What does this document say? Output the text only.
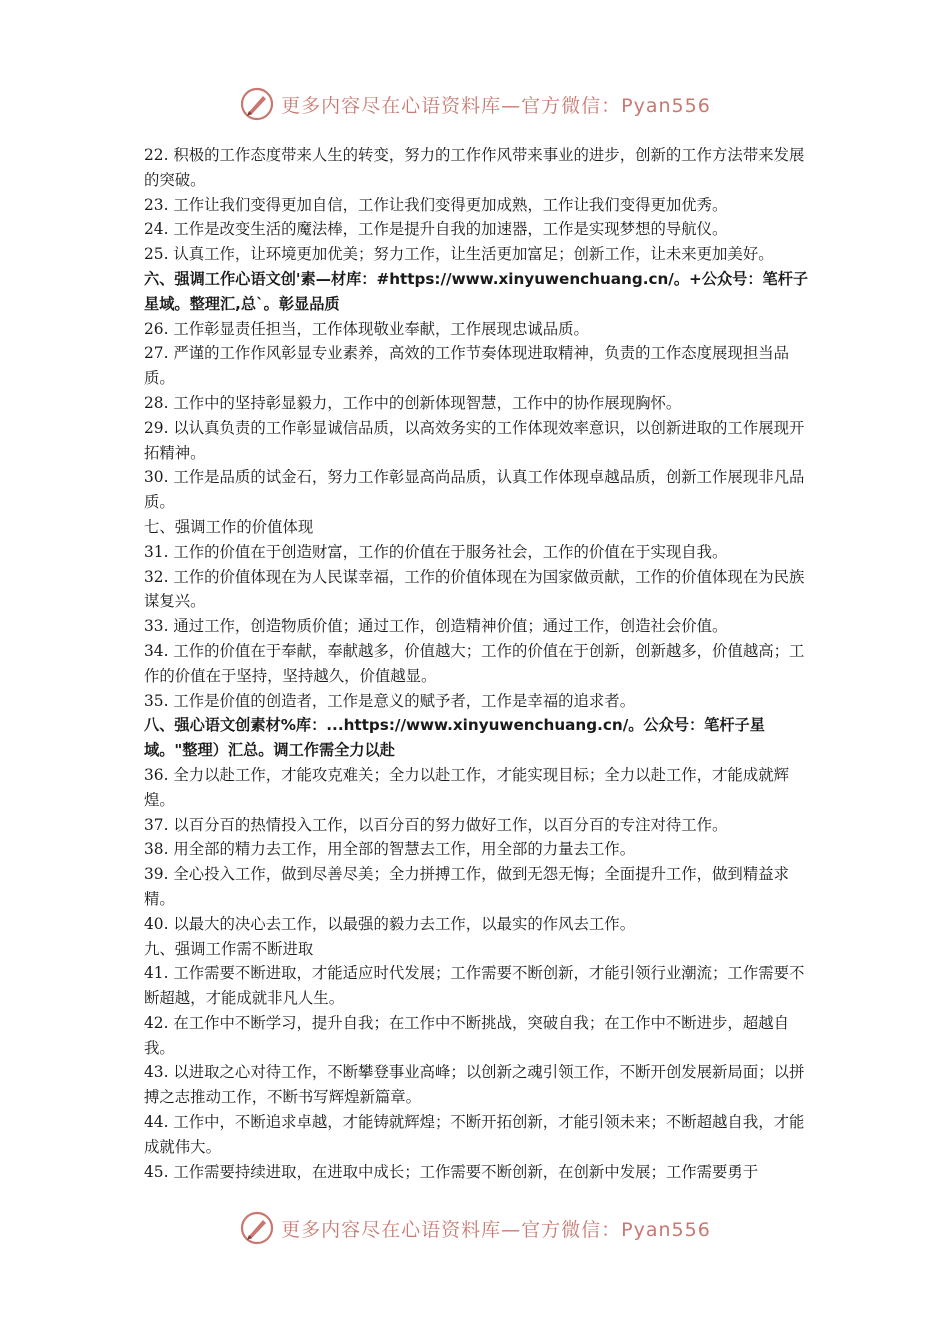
更多内容尽在心语资料库—官方微信：Pyan556

22. 积极的工作态度带来人生的转变，努力的工作作风带来事业的进步，创新的工作方法带来发展的突破。

23. 工作让我们变得更加自信，工作让我们变得更加成熟，工作让我们变得更加优秀。

24. 工作是改变生活的魔法棒，工作是提升自我的加速器，工作是实现梦想的导航仪。

25. 认真工作，让环境更加优美；努力工作，让生活更加富足；创新工作，让未来更加美好。

六、强调工作心语文创'素—材库：#https://www.xinyuwenchuang.cn/。+公众号：笔杆子星域。整理汇,总`。彰显品质

26. 工作彰显责任担当，工作体现敬业奉献，工作展现忠诚品质。

27. 严谨的工作作风彰显专业素养，高效的工作节奏体现进取精神，负责的工作态度展现担当品质。

28. 工作中的坚持彰显毅力，工作中的创新体现智慧，工作中的协作展现胸怀。

29. 以认真负责的工作彰显诚信品质，以高效务实的工作体现效率意识，以创新进取的工作展现开拓精神。

30. 工作是品质的试金石，努力工作彰显高尚品质，认真工作体现卓越品质，创新工作展现非凡品质。

七、强调工作的价值体现

31. 工作的价值在于创造财富，工作的价值在于服务社会，工作的价值在于实现自我。

32. 工作的价值体现在为人民谋幸福，工作的价值体现在为国家做贡献，工作的价值体现在为民族谋复兴。

33. 通过工作，创造物质价值；通过工作，创造精神价值；通过工作，创造社会价值。

34. 工作的价值在于奉献，奉献越多，价值越大；工作的价值在于创新，创新越多，价值越高；工作的价值在于坚持，坚持越久，价值越显。

35. 工作是价值的创造者，工作是意义的赋予者，工作是幸福的追求者。

八、强心语文创素材%库：...https://www.xinyuwenchuang.cn/。公众号：笔杆子星域。"整理）汇总。调工作需全力以赴

36. 全力以赴工作，才能攻克难关；全力以赴工作，才能实现目标；全力以赴工作，才能成就辉煌。

37. 以百分百的热情投入工作，以百分百的努力做好工作，以百分百的专注对待工作。

38. 用全部的精力去工作，用全部的智慧去工作，用全部的力量去工作。

39. 全心投入工作，做到尽善尽美；全力拼搏工作，做到无怨无悔；全面提升工作，做到精益求精。

40. 以最大的决心去工作，以最强的毅力去工作，以最实的作风去工作。

九、强调工作需不断进取

41. 工作需要不断进取，才能适应时代发展；工作需要不断创新，才能引领行业潮流；工作需要不断超越，才能成就非凡人生。

42. 在工作中不断学习，提升自我；在工作中不断挑战，突破自我；在工作中不断进步，超越自我。

43. 以进取之心对待工作，不断攀登事业高峰；以创新之魂引领工作，不断开创发展新局面；以拼搏之志推动工作，不断书写辉煌新篇章。

44. 工作中，不断追求卓越，才能铸就辉煌；不断开拓创新，才能引领未来；不断超越自我，才能成就伟大。

45. 工作需要持续进取，在进取中成长；工作需要不断创新，在创新中发展；工作需要勇于

更多内容尽在心语资料库—官方微信：Pyan556
